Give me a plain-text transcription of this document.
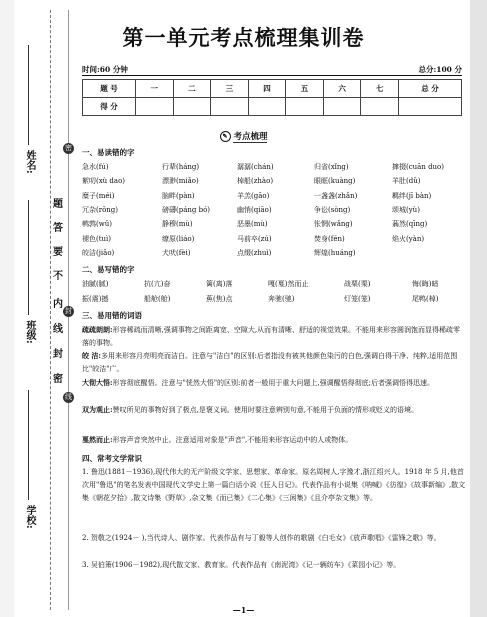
姓名:
班级:
学校:
密
封
线
密
封
线
内
不
要
答
题
第一单元考点梳理集训卷
时间:60 分钟	总分:100 分
题 号	一	二	三	四	五	六	七	总 分
得 分								
✎ 考点梳理
一、易读错的字
急水(fú)	行辈(háng)	潺潺(chán)	归省(xǐng)	撺掇(cuān duo)
絮叨(xù dao)	漂渺(miǎo)	棹船(zhào)	眼眶(kuàng)	羊肚(dǔ)
糜子(méi)	脑畔(pàn)	羊羔(gāo)	一盏盏(zhǎn)	羁绊(jī bàn)
冗杂(rǒng)	磅礴(páng bó)	幽悄(qiāo)	争讼(sòng)	颂城(yù)
鹌鹑(wǔ)	静穆(mù)	恶墨(mù)	怅惘(wǎng)	蓊然(qīng)
褪色(tuì)	缭原(liáo)	马前卒(zú)	焚身(fén)	焰火(yàn)
皎洁(jiǎo)	犬吠(fèi)	点缀(zhuì)	辉煌(huáng)
二、易写错的字
油腻(腻)	抗(亢)奋	篱(离)落	嘎(戛)然而止	战栗(栗)	悔(晦)暗
振(震)撼	船舱(舱)	蕉(焦)点	奔驰(驰)	灯笼(笼)	尾鸭(棹)
三、易用错的词语
疏疏朗朗:形容稀疏而清晰,强调事物之间距离宽、空隙大,从而有清晰、舒适的视觉效果。不能用来形容圆润饱而显得稀疏零落的事物。
皎 洁:多用来形容月亮明亮而洁白。注意与"洁白"的区别:后者指没有被其他颜色染污的白色,强调白得干净、纯粹,适用范围比"皎洁"广。
大彻大悟:形容彻底醒悟。注意与"恍然大悟"的区别:前者一般用于重大问题上,强调醒悟得彻底;后者强调悟得迅速。
双为观止:赞叹所见的事物好到了极点,是褒义词。使用时要注意辨别句意,不能用于负面的情形或贬义的语境。
戛然而止:形容声音突然中止。注意适用对象是"声音",不能用来形容运动中的人或物体。
四、常考文学常识
1. 鲁迅(1881－1936),现代伟大的无产阶级文学家、思想家、革命家。原名周树人,字豫才,浙江绍兴人。1918 年 5 月,他首次用"鲁迅"的笔名发表中国现代文学史上第一篇白话小说《狂人日记》。代表作品有小说集《呐喊》《彷徨》《故事新编》,散文集《朝花夕拾》,散文诗集《野草》,杂文集《而已集》《二心集》《三闲集》《且介亭杂文集》等。
2. 贺敬之(1924－ ),当代诗人、剧作家。代表作品有与丁毅等人创作的歌剧《白毛女》《放声歌唱》《雷锋之歌》等。
3. 吴伯箫(1906－1982),现代散文家、教育家。代表作品有《南泥湾》《记一辆纺车》《菜园小记》等。
—1—
